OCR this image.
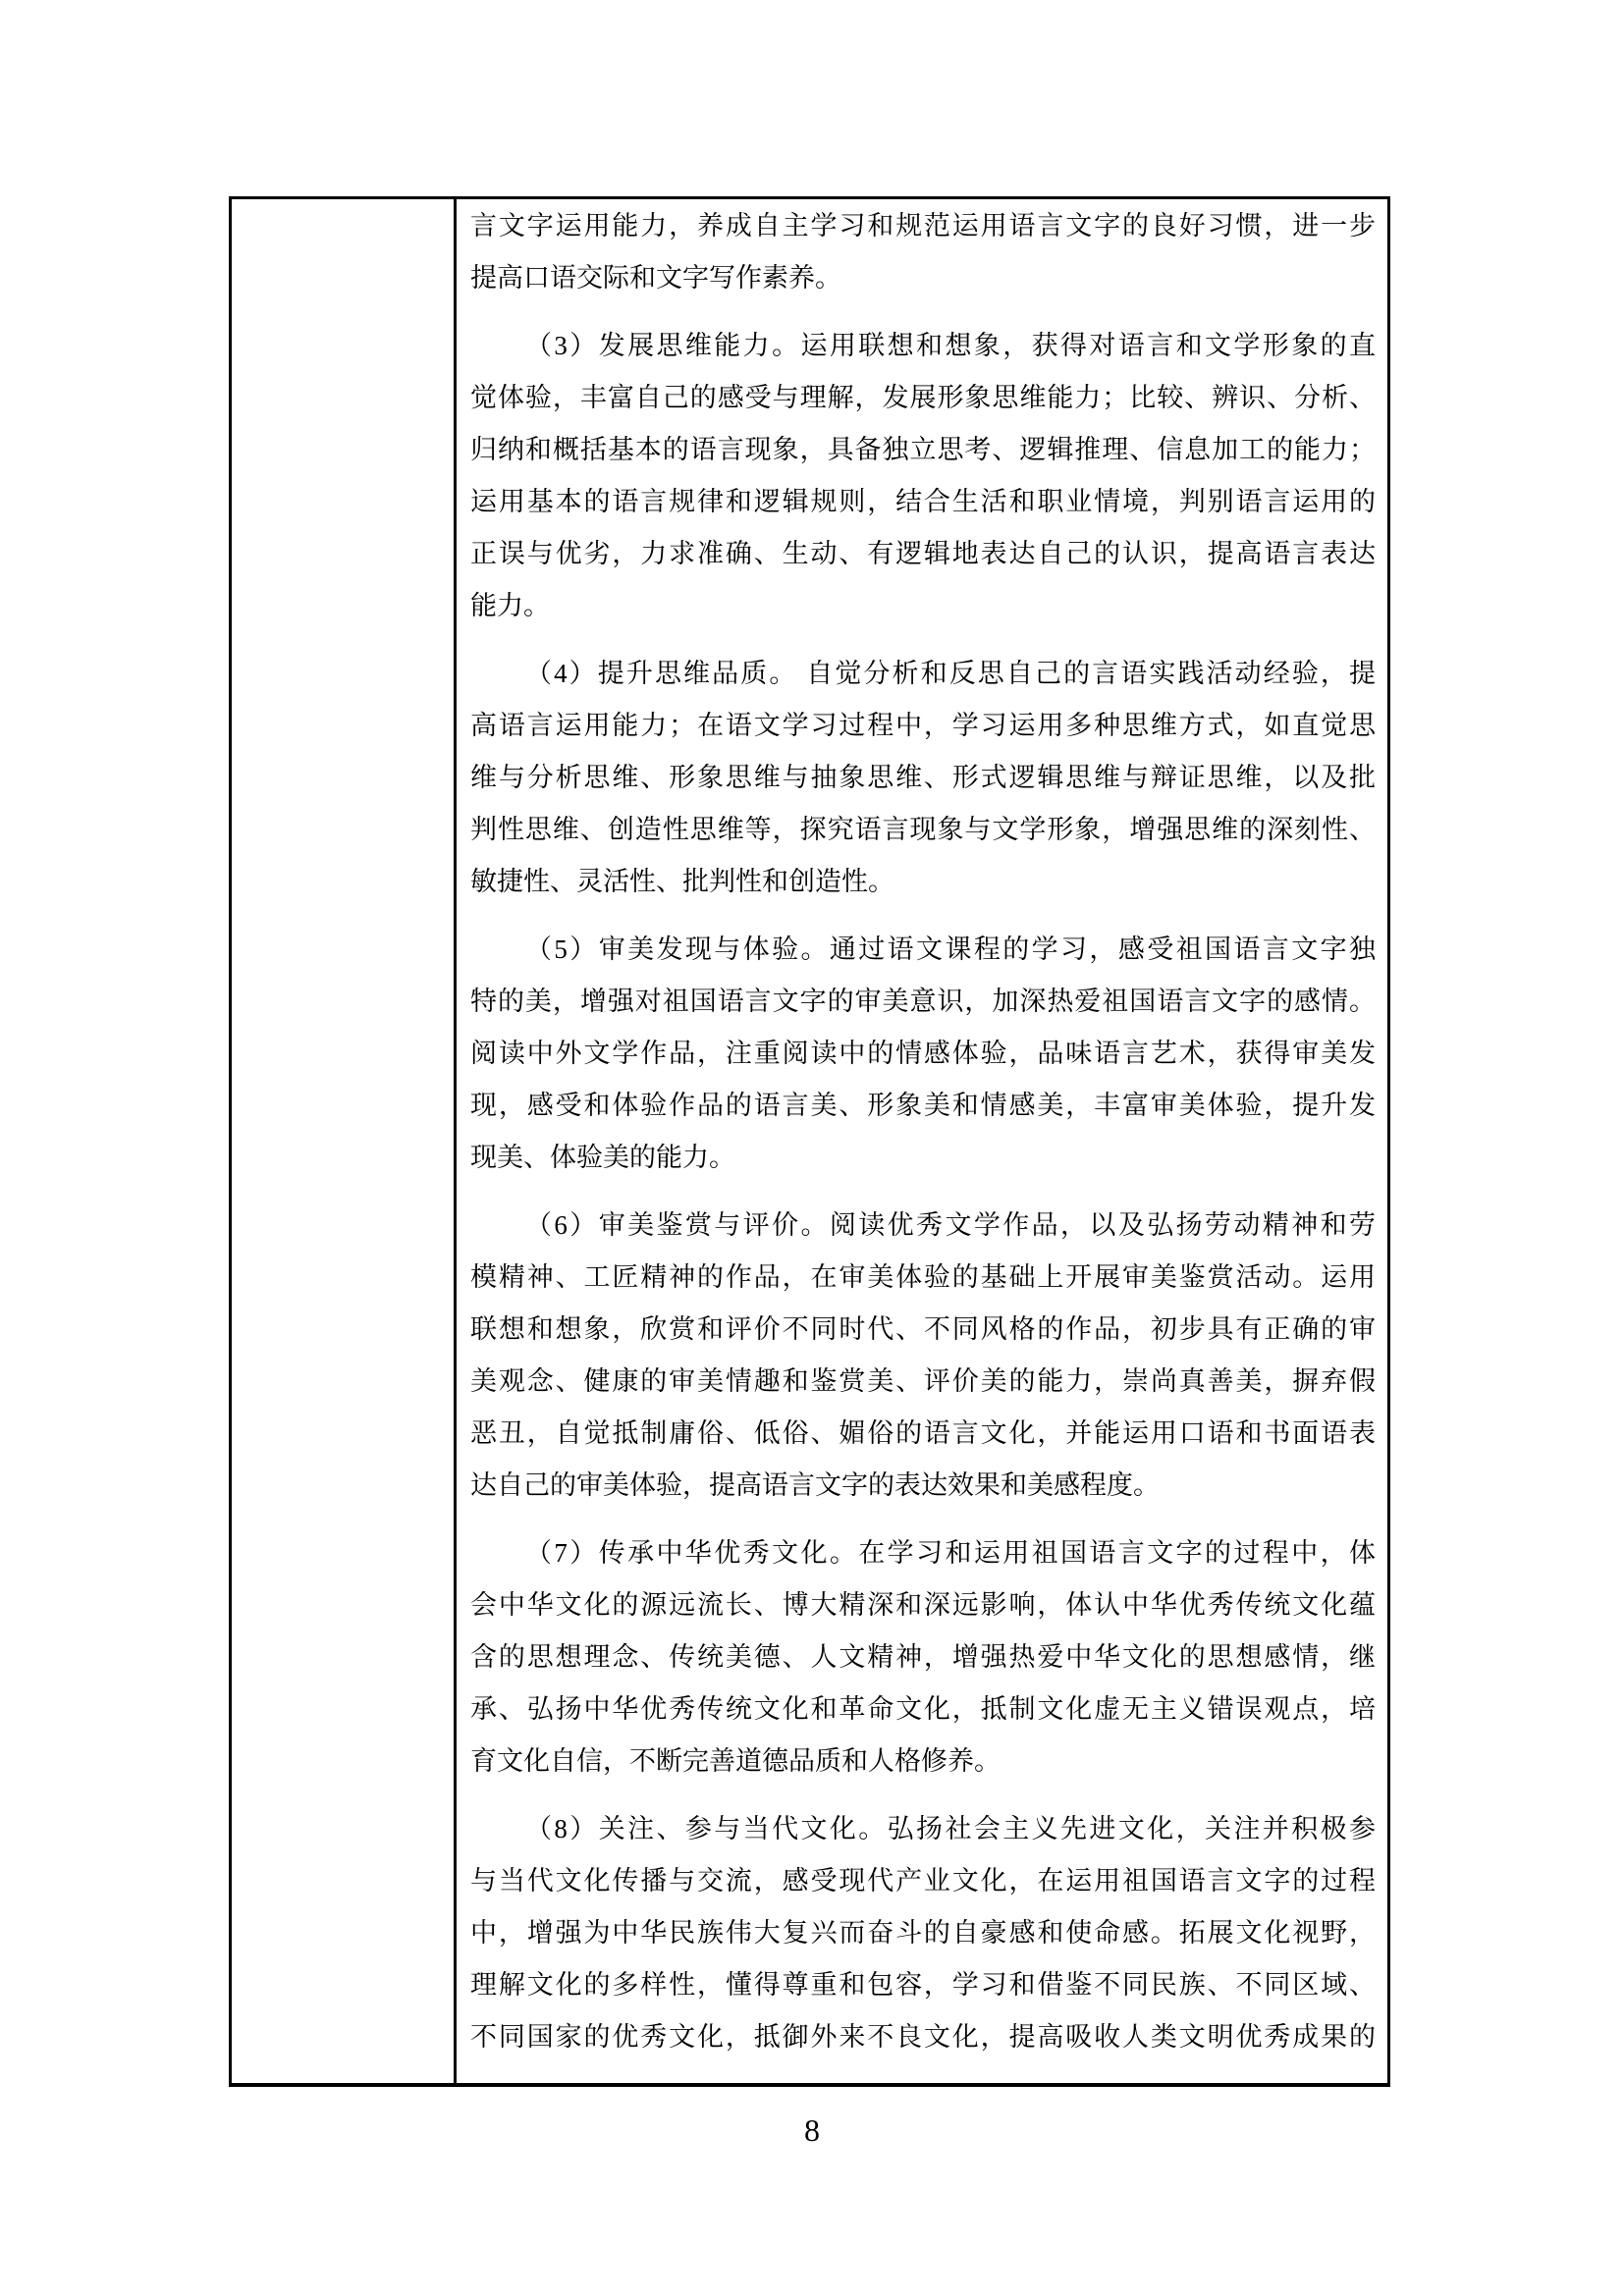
言文字运用能力，养成自主学习和规范运用语言文字的良好习惯，进一步
提高口语交际和文字写作素养。
（3）发展思维能力。运用联想和想象，获得对语言和文学形象的直
觉体验，丰富自己的感受与理解，发展形象思维能力；比较、辨识、分析、
归纳和概括基本的语言现象，具备独立思考、逻辑推理、信息加工的能力；
运用基本的语言规律和逻辑规则，结合生活和职业情境，判别语言运用的
正误与优劣，力求准确、生动、有逻辑地表达自己的认识，提高语言表达
能力。
（4）提升思维品质。 自觉分析和反思自己的言语实践活动经验，提
高语言运用能力；在语文学习过程中，学习运用多种思维方式，如直觉思
维与分析思维、形象思维与抽象思维、形式逻辑思维与辩证思维，以及批
判性思维、创造性思维等，探究语言现象与文学形象，增强思维的深刻性、
敏捷性、灵活性、批判性和创造性。
（5）审美发现与体验。通过语文课程的学习，感受祖国语言文字独
特的美，增强对祖国语言文字的审美意识，加深热爱祖国语言文字的感情。
阅读中外文学作品，注重阅读中的情感体验，品味语言艺术，获得审美发
现，感受和体验作品的语言美、形象美和情感美，丰富审美体验，提升发
现美、体验美的能力。
（6）审美鉴赏与评价。阅读优秀文学作品，以及弘扬劳动精神和劳
模精神、工匠精神的作品，在审美体验的基础上开展审美鉴赏活动。运用
联想和想象，欣赏和评价不同时代、不同风格的作品，初步具有正确的审
美观念、健康的审美情趣和鉴赏美、评价美的能力，崇尚真善美，摒弃假
恶丑，自觉抵制庸俗、低俗、媚俗的语言文化，并能运用口语和书面语表
达自己的审美体验，提高语言文字的表达效果和美感程度。
（7）传承中华优秀文化。在学习和运用祖国语言文字的过程中，体
会中华文化的源远流长、博大精深和深远影响，体认中华优秀传统文化蕴
含的思想理念、传统美德、人文精神，增强热爱中华文化的思想感情，继
承、弘扬中华优秀传统文化和革命文化，抵制文化虚无主义错误观点，培
育文化自信，不断完善道德品质和人格修养。
（8）关注、参与当代文化。弘扬社会主义先进文化，关注并积极参
与当代文化传播与交流，感受现代产业文化，在运用祖国语言文字的过程
中，增强为中华民族伟大复兴而奋斗的自豪感和使命感。拓展文化视野，
理解文化的多样性，懂得尊重和包容，学习和借鉴不同民族、不同区域、
不同国家的优秀文化，抵御外来不良文化，提高吸收人类文明优秀成果的
8
